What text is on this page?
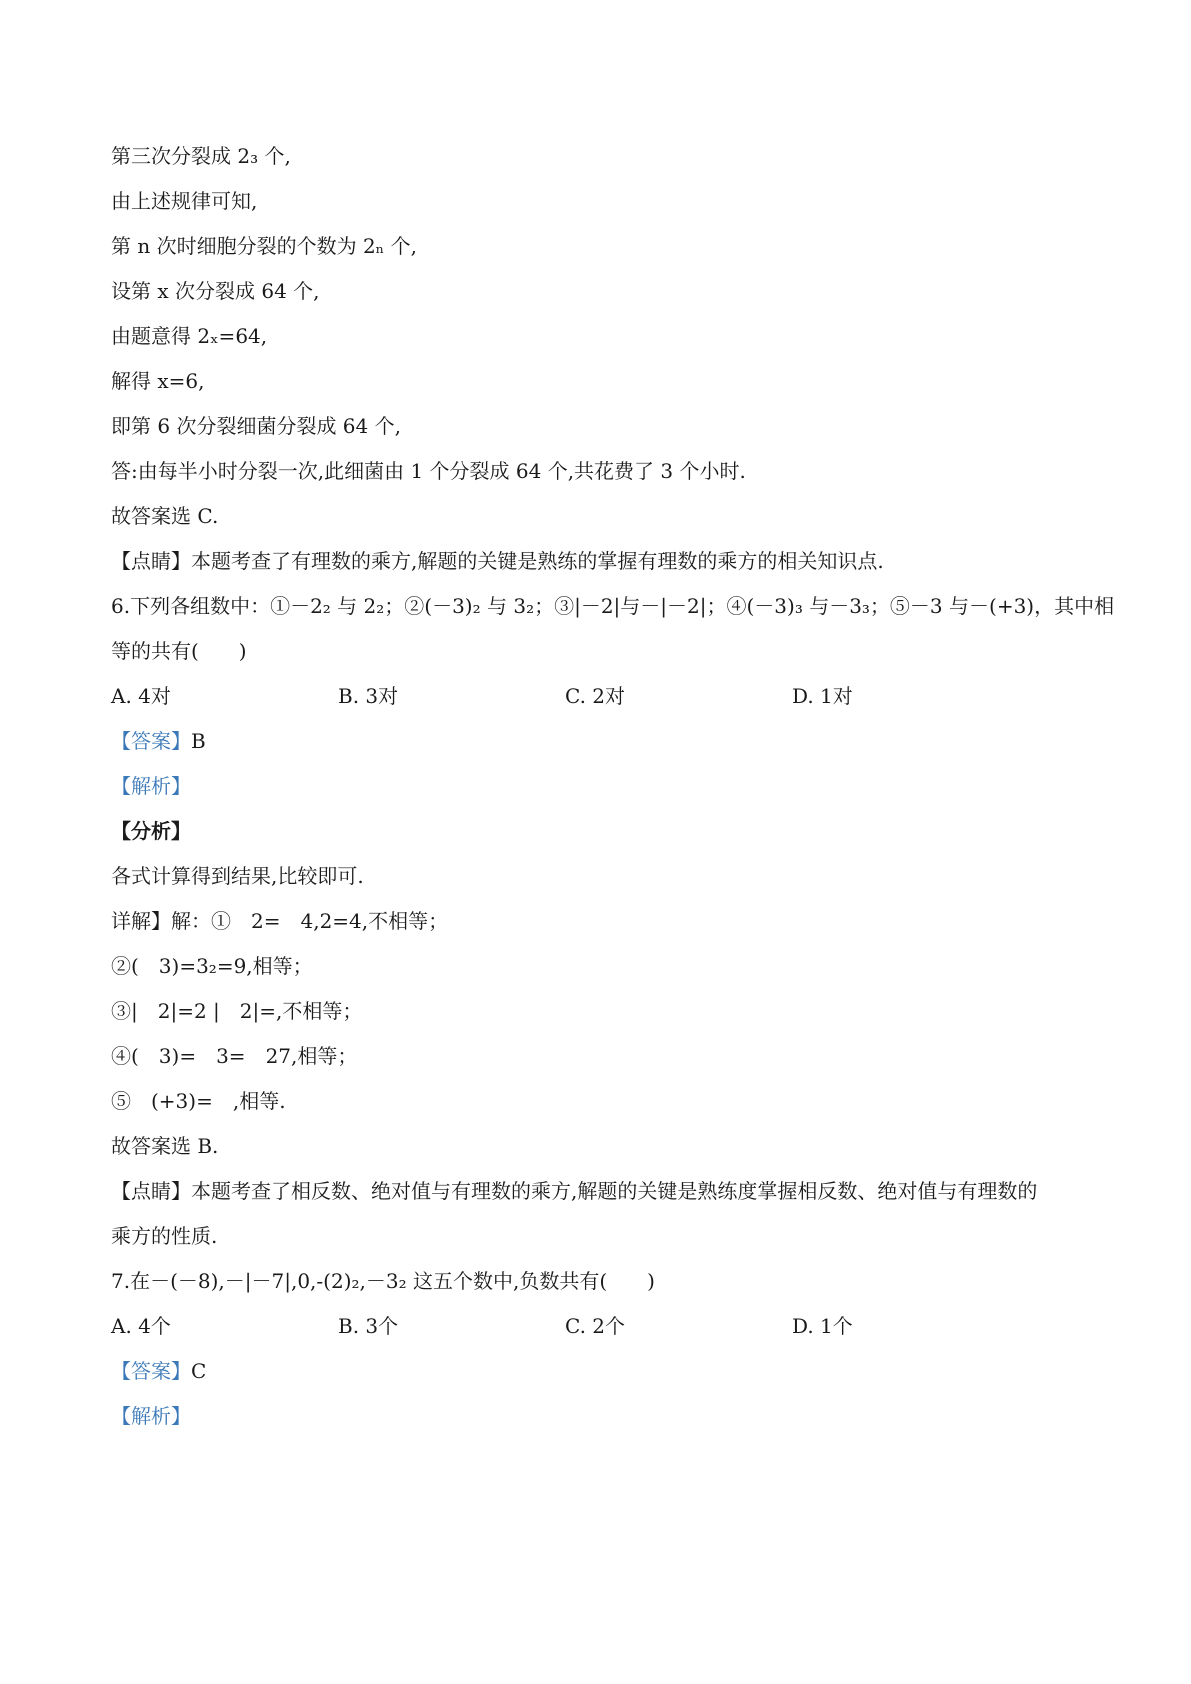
第三次分裂成 2₃ 个,
由上述规律可知,
第 n 次时细胞分裂的个数为 2ₙ 个,
设第 x 次分裂成 64 个,
由题意得 2ₓ=64,
解得 x=6,
即第 6 次分裂细菌分裂成 64 个,
答:由每半小时分裂一次,此细菌由 1 个分裂成 64 个,共花费了 3 个小时.
故答案选 C.
【点睛】本题考查了有理数的乘方,解题的关键是熟练的掌握有理数的乘方的相关知识点.
6.下列各组数中：①－2₂ 与 2₂；②(－3)₂ 与 3₂；③|－2|与－|－2|；④(－3)₃ 与－3₃；⑤－3 与－(+3)，其中相
等的共有(　　)
A. 4对	B. 3对	C. 2对	D. 1对
【答案】B
【解析】
【分析】
各式计算得到结果,比较即可.
详解】解：①　2=　4,2=4,不相等；
②(　3)=3₂=9,相等；
③|　2|=2 |　2|=,不相等；
④(　3)=　3=　27,相等；
⑤　(+3)=　,相等.
故答案选 B.
【点睛】本题考查了相反数、绝对值与有理数的乘方,解题的关键是熟练度掌握相反数、绝对值与有理数的
乘方的性质.
7.在－(－8),－|－7|,0,-(2)₂,－3₂ 这五个数中,负数共有(　　)
A. 4个	B. 3个	C. 2个	D. 1个
【答案】C
【解析】
